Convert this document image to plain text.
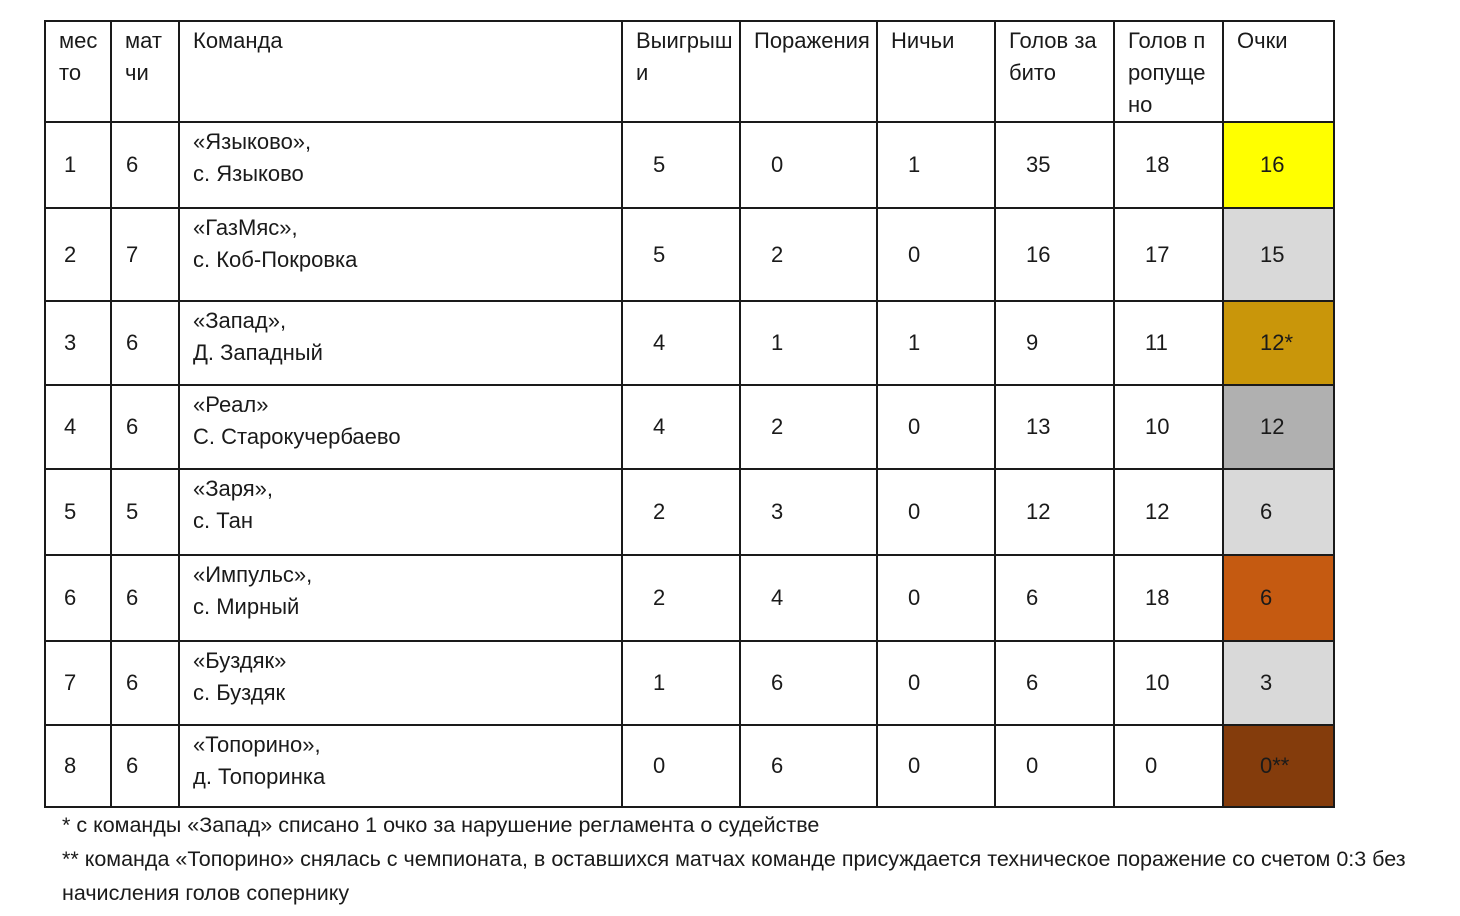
место	матчи	Команда	Выигрыши	Поражения	Ничьи	Голов забито	Голов пропущено	Очки
1	6	«Языково»,
с. Языково	5	0	1	35	18	16
2	7	«ГазМяс»,
с. Коб-Покровка	5	2	0	16	17	15
3	6	«Запад»,
Д. Западный	4	1	1	9	11	12*
4	6	«Реал»
С. Старокучербаево	4	2	0	13	10	12
5	5	«Заря»,
с. Тан	2	3	0	12	12	6
6	6	«Импульс»,
с. Мирный	2	4	0	6	18	6
7	6	«Буздяк»
с. Буздяк	1	6	0	6	10	3
8	6	«Топорино»,
д. Топоринка	0	6	0	0	0	0**

* с команды «Запад» списано 1 очко за нарушение регламента о судействе

** команда «Топорино» снялась с чемпионата, в оставшихся матчах команде присуждается техническое поражение со счетом 0:3 без начисления голов сопернику
